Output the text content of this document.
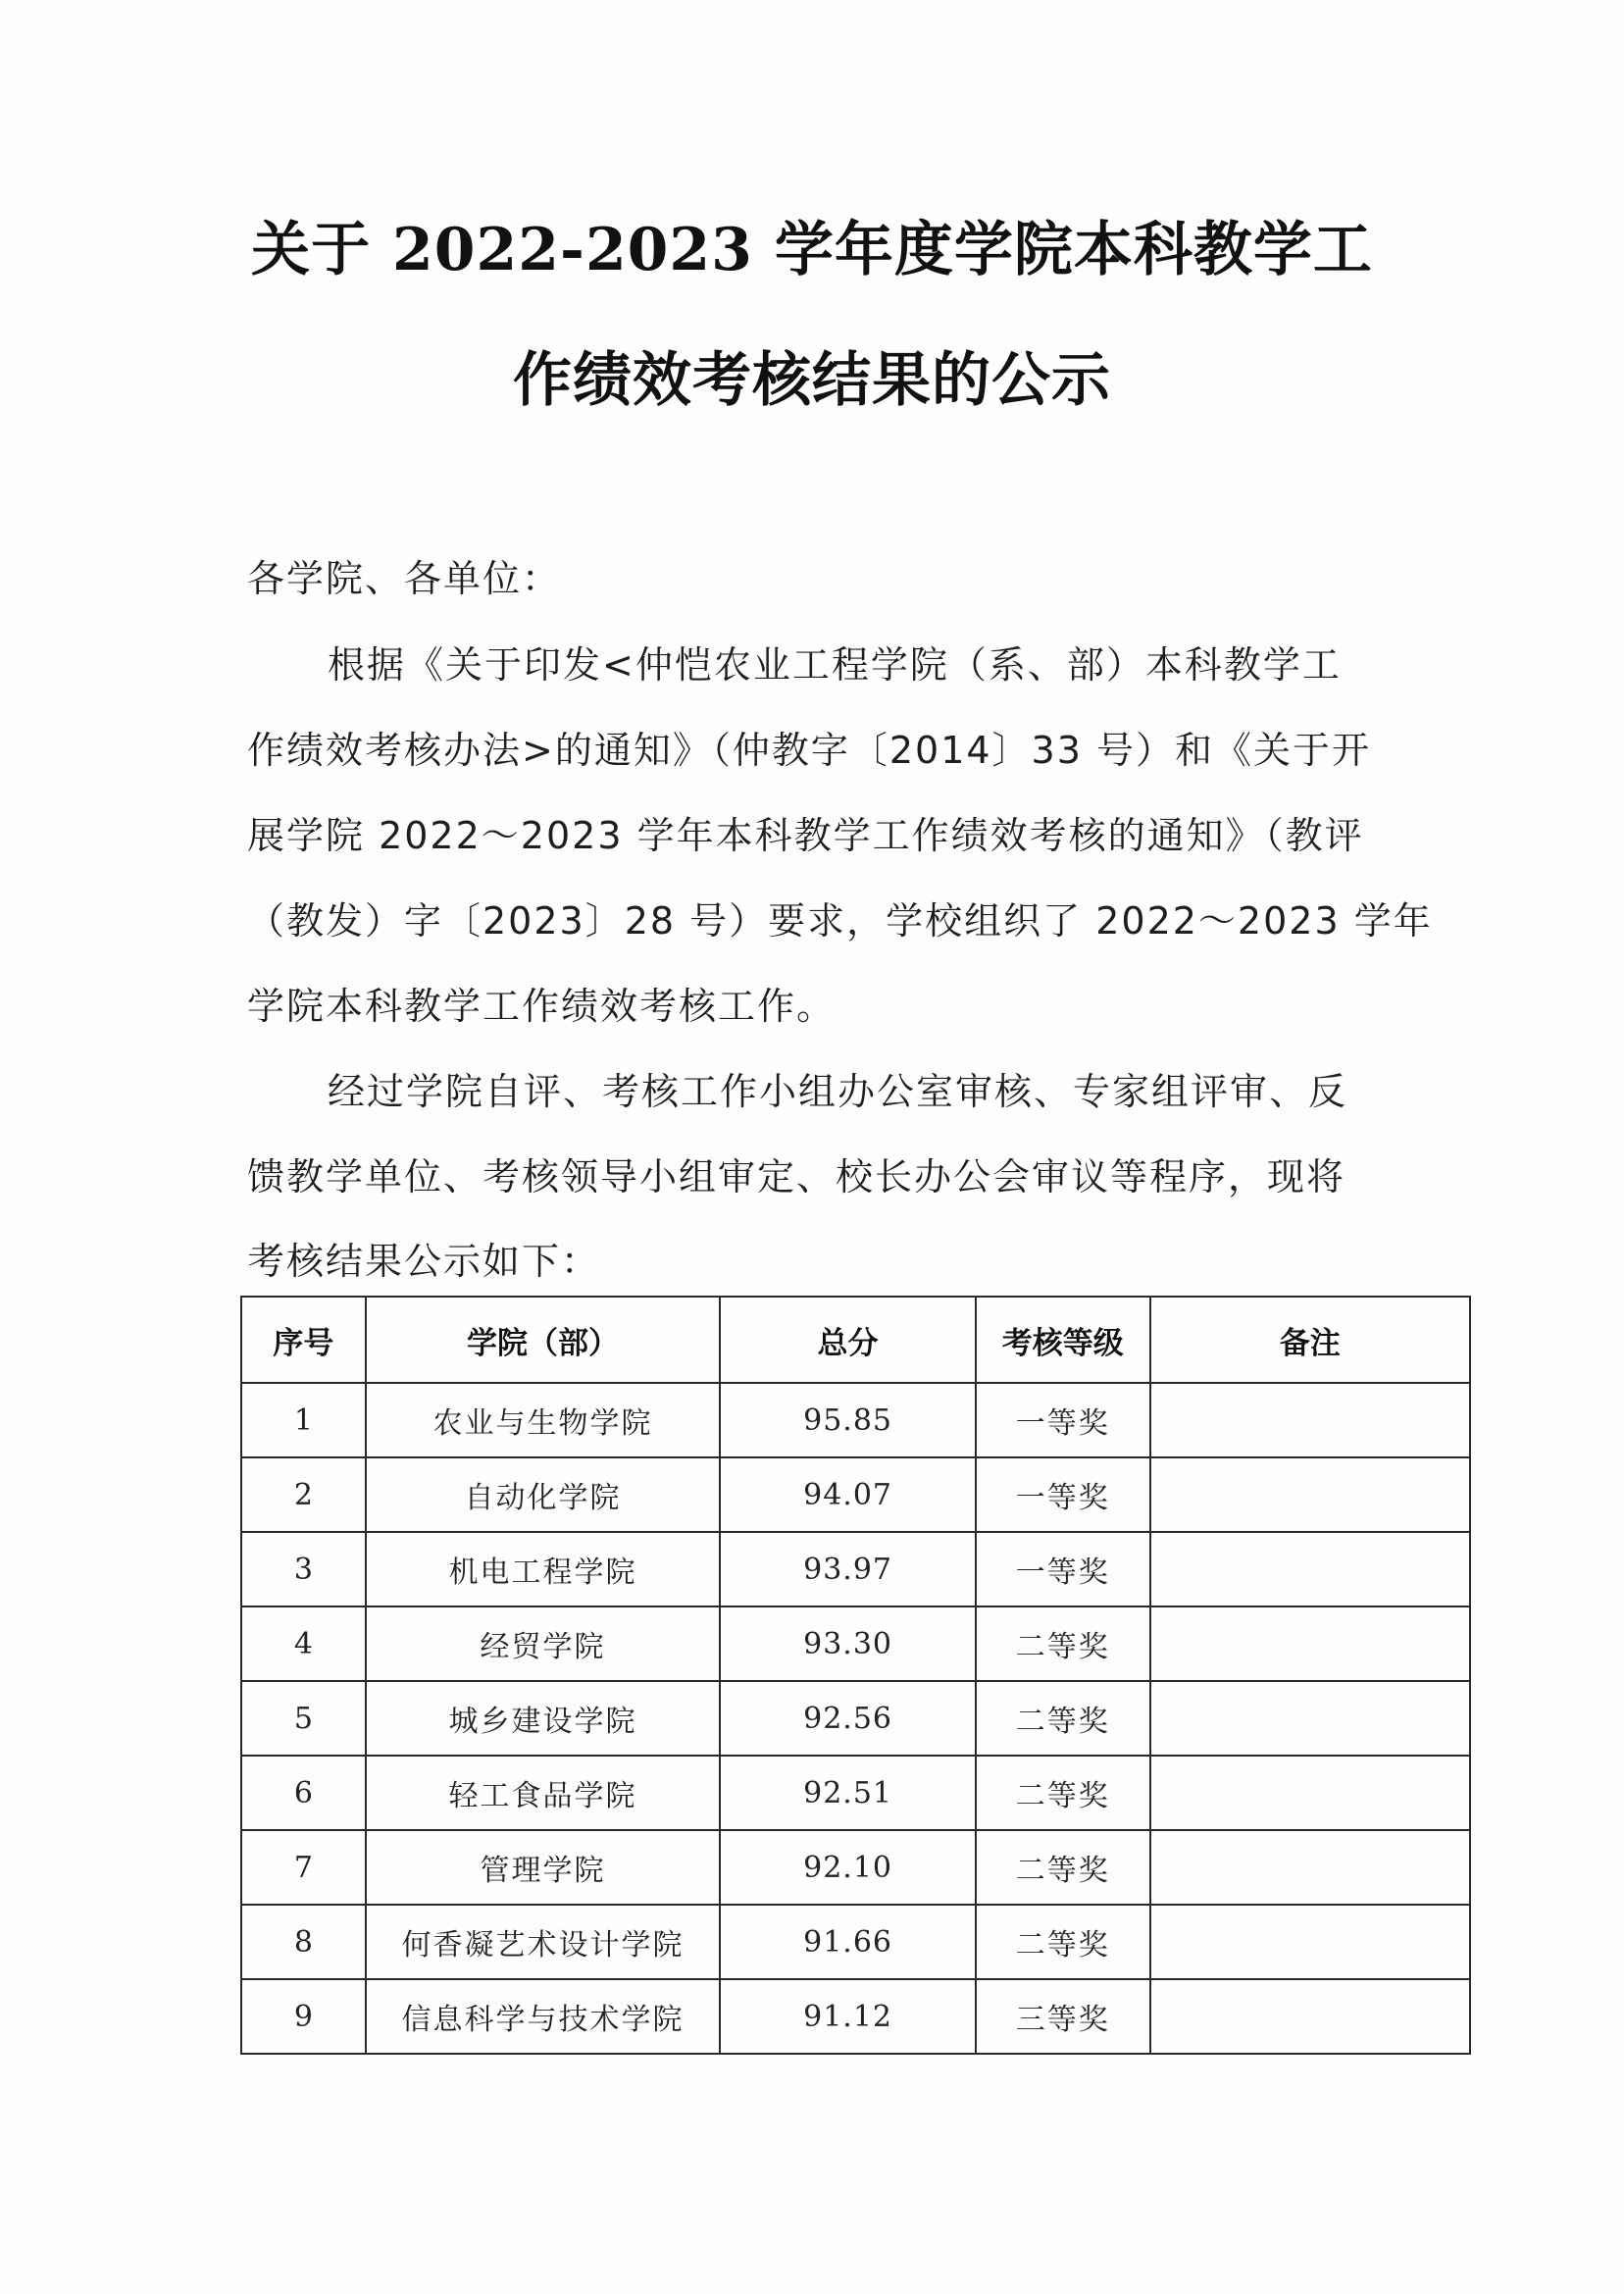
关于 2022-2023 学年度学院本科教学工
作绩效考核结果的公示
各学院、各单位：
根据《关于印发<仲恺农业工程学院（系、部）本科教学工
作绩效考核办法>的通知》（仲教字〔2014〕33 号）和《关于开
展学院 2022～2023 学年本科教学工作绩效考核的通知》（教评
（教发）字〔2023〕28 号）要求，学校组织了 2022～2023 学年
学院本科教学工作绩效考核工作。
经过学院自评、考核工作小组办公室审核、专家组评审、反
馈教学单位、考核领导小组审定、校长办公会审议等程序，现将
考核结果公示如下：
序号	学院（部）	总分	考核等级	备注
1	农业与生物学院	95.85	一等奖	
2	自动化学院	94.07	一等奖	
3	机电工程学院	93.97	一等奖	
4	经贸学院	93.30	二等奖	
5	城乡建设学院	92.56	二等奖	
6	轻工食品学院	92.51	二等奖	
7	管理学院	92.10	二等奖	
8	何香凝艺术设计学院	91.66	二等奖	
9	信息科学与技术学院	91.12	三等奖	
